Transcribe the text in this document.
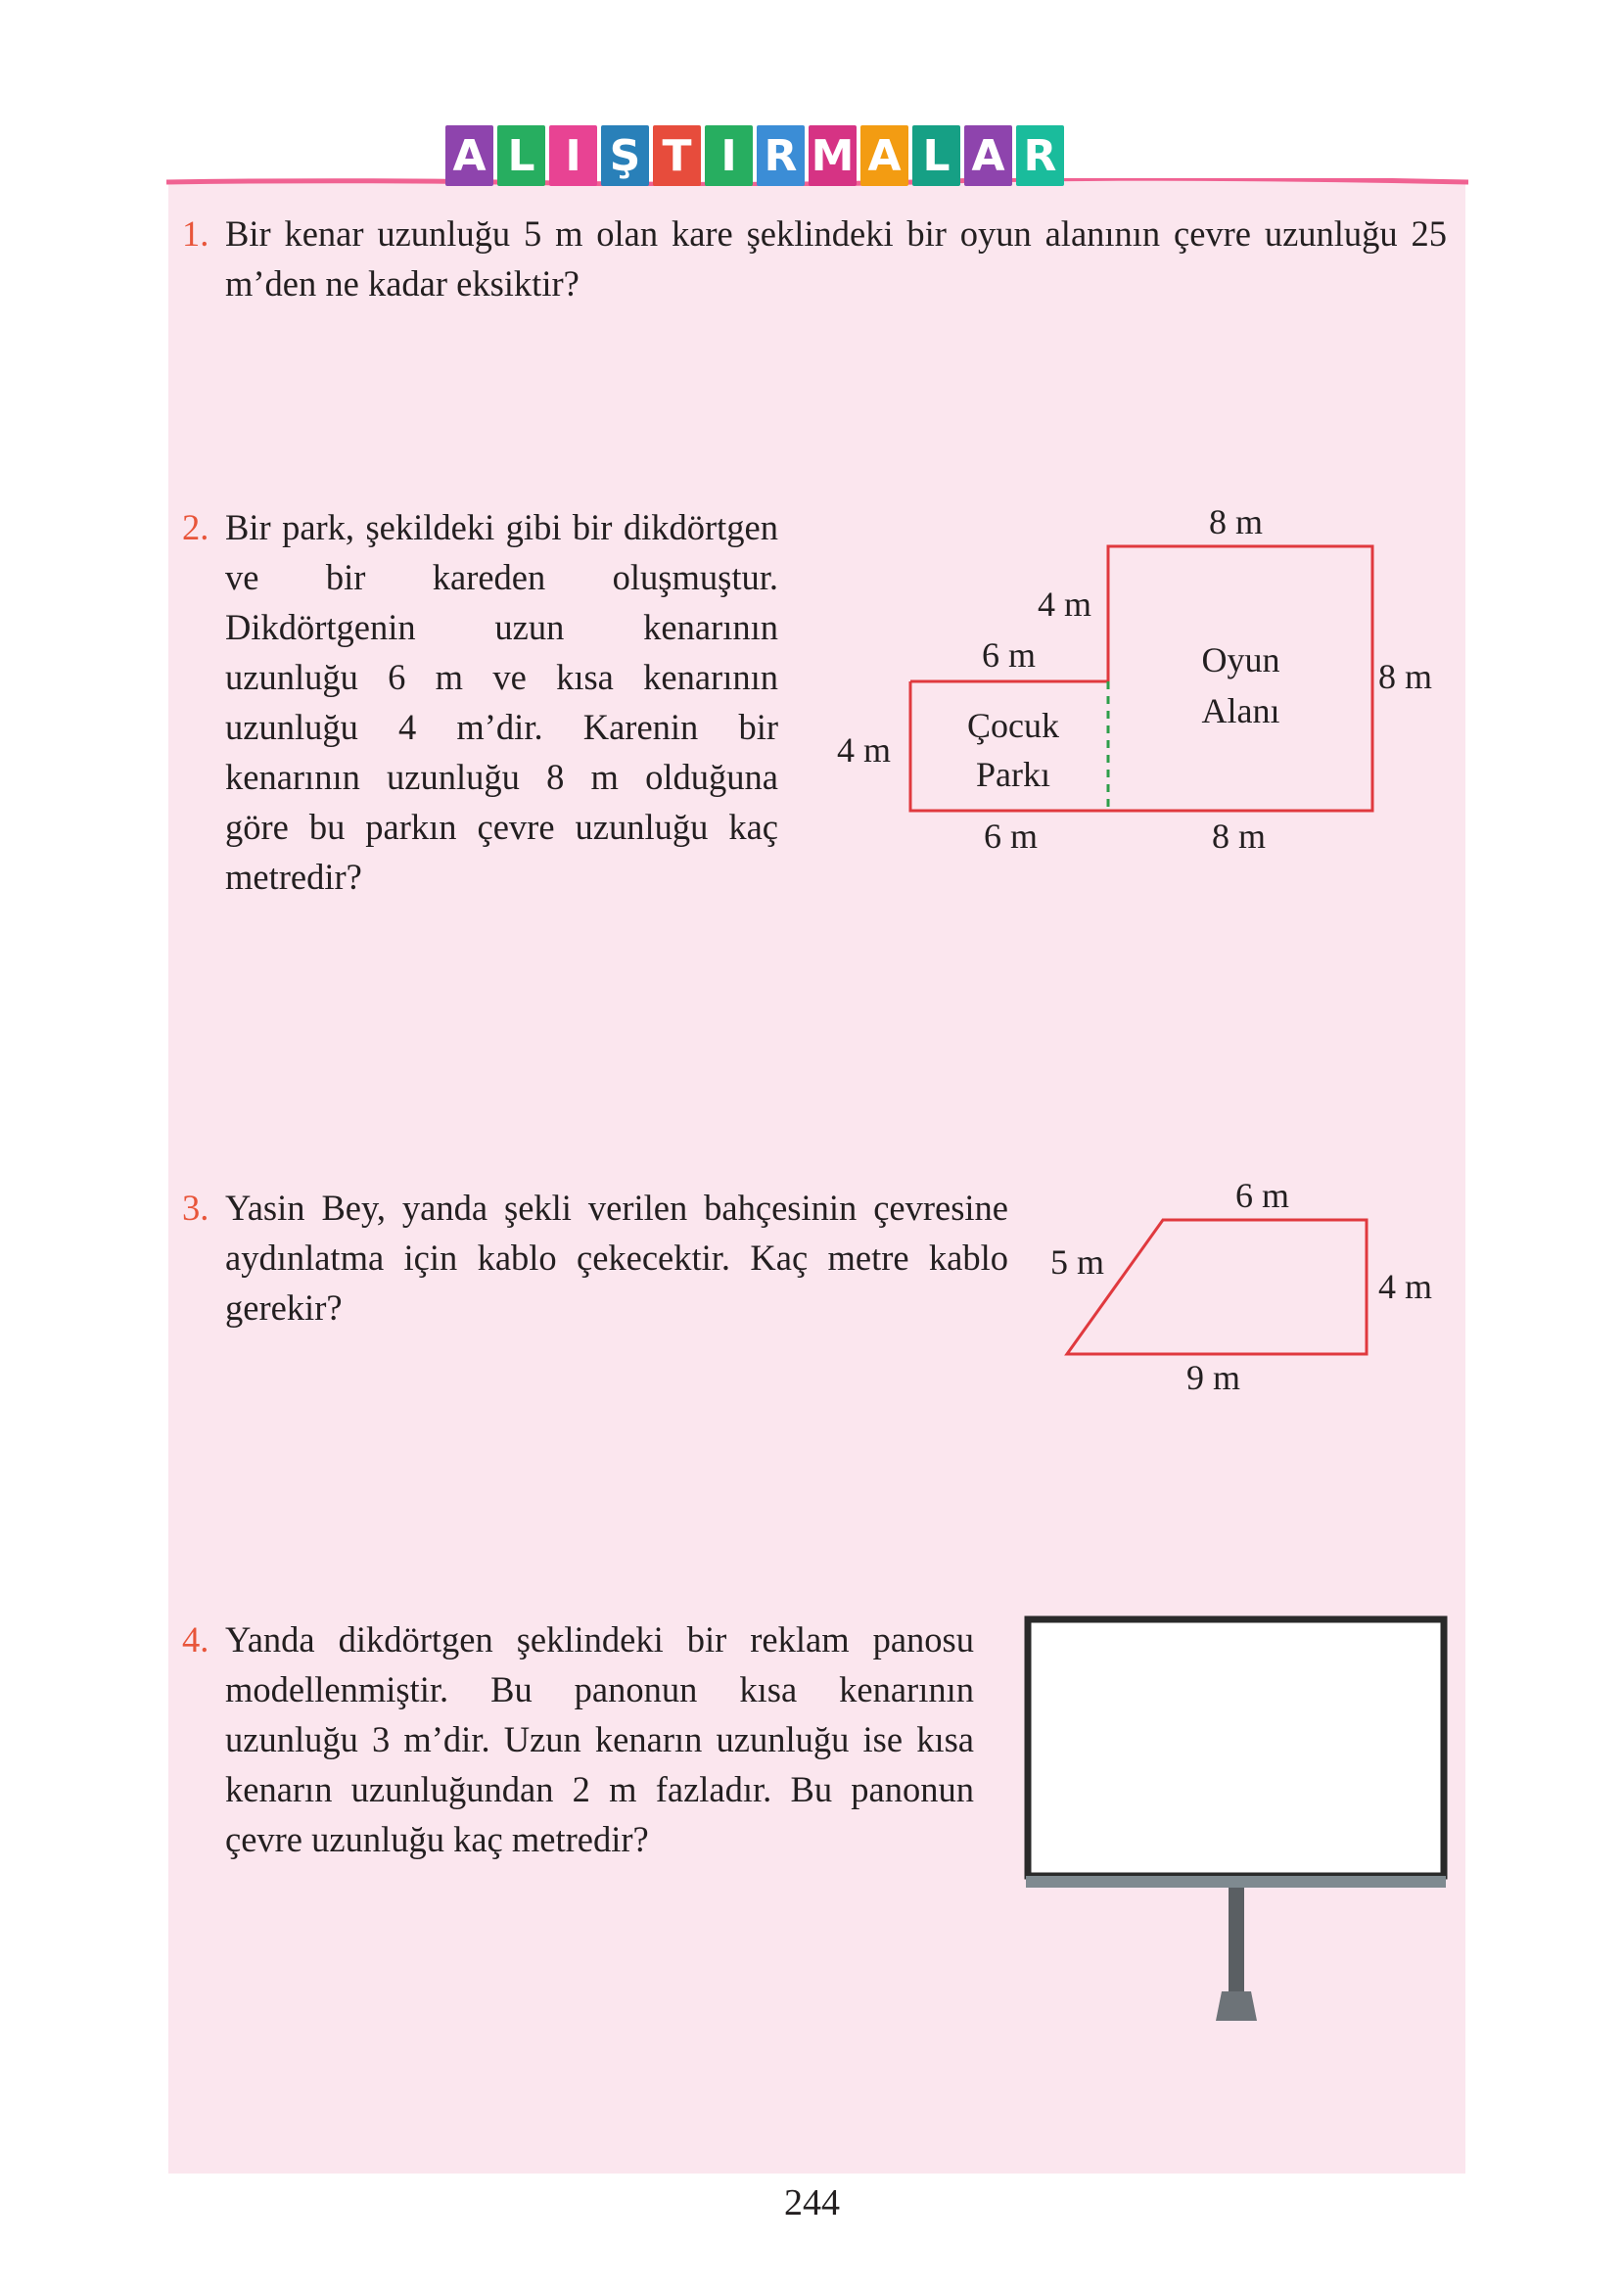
A L I Ş T I R M A L A R
1. Bir kenar uzunluğu 5 m olan kare şeklindeki bir oyun alanının çevre uzunluğu 25 m’den ne kadar eksiktir?
2. Bir park, şekildeki gibi bir dikdörtgen ve bir kareden oluşmuştur. Dikdörtgenin uzun kenarının uzunluğu 6 m ve kısa kenarının uzunluğu 4 m’dir. Karenin bir kenarının uzunluğu 8 m olduğuna göre bu parkın çevre uzunluğu kaç metredir?
8 m
4 m
6 m
8 m
4 m
6 m	8 m
Çocuk
Parkı
Oyun
Alanı
3. Yasin Bey, yanda şekli verilen bahçesinin çevresine aydınlatma için kablo çekecektir. Kaç metre kablo gerekir?
6 m
5 m
4 m
9 m
4. Yanda dikdörtgen şeklindeki bir reklam panosu modellenmiştir. Bu panonun kısa kenarının uzunluğu 3 m’dir. Uzun kenarın uzunluğu ise kısa kenarın uzunluğundan 2 m fazladır. Bu panonun çevre uzunluğu kaç metredir?
244
